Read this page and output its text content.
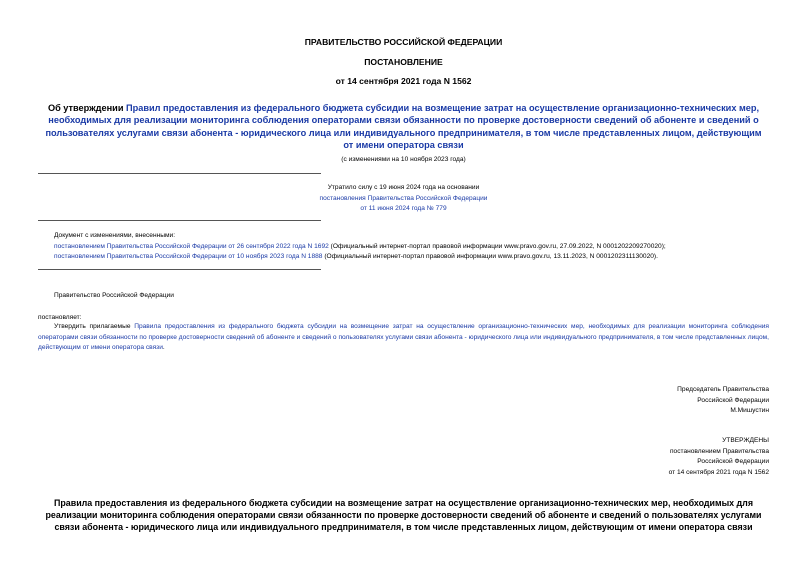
ПРАВИТЕЛЬСТВО РОССИЙСКОЙ ФЕДЕРАЦИИ
ПОСТАНОВЛЕНИЕ
от 14 сентября 2021 года N 1562
Об утверждении Правил предоставления из федерального бюджета субсидии на возмещение затрат на осуществление организационно-технических мер, необходимых для реализации мониторинга соблюдения операторами связи обязанности по проверке достоверности сведений об абоненте и сведений о пользователях услугами связи абонента - юридического лица или индивидуального предпринимателя, в том числе представленных лицом, действующим от имени оператора связи
(с изменениями на 10 ноября 2023 года)
Утратило силу с 19 июня 2024 года на основании
постановления Правительства Российской Федерации
от 11 июня 2024 года № 779
Документ с изменениями, внесенными:
постановлением Правительства Российской Федерации от 26 сентября 2022 года N 1692 (Официальный интернет-портал правовой информации www.pravo.gov.ru, 27.09.2022, N 0001202209270020);
постановлением Правительства Российской Федерации от 10 ноября 2023 года N 1888 (Официальный интернет-портал правовой информации www.pravo.gov.ru, 13.11.2023, N 0001202311130020).
Правительство Российской Федерации
постановляет:
Утвердить прилагаемые Правила предоставления из федерального бюджета субсидии на возмещение затрат на осуществление организационно-технических мер, необходимых для реализации мониторинга соблюдения операторами связи обязанности по проверке достоверности сведений об абоненте и сведений о пользователях услугами связи абонента - юридического лица или индивидуального предпринимателя, в том числе представленных лицом, действующим от имени оператора связи.
Председатель Правительства
Российской Федерации
М.Мишустин
УТВЕРЖДЕНЫ
постановлением Правительства
Российской Федерации
от 14 сентября 2021 года N 1562
Правила предоставления из федерального бюджета субсидии на возмещение затрат на осуществление организационно-технических мер, необходимых для реализации мониторинга соблюдения операторами связи обязанности по проверке достоверности сведений об абоненте и сведений о пользователях услугами связи абонента - юридического лица или индивидуального предпринимателя, в том числе представленных лицом, действующим от имени оператора связи
